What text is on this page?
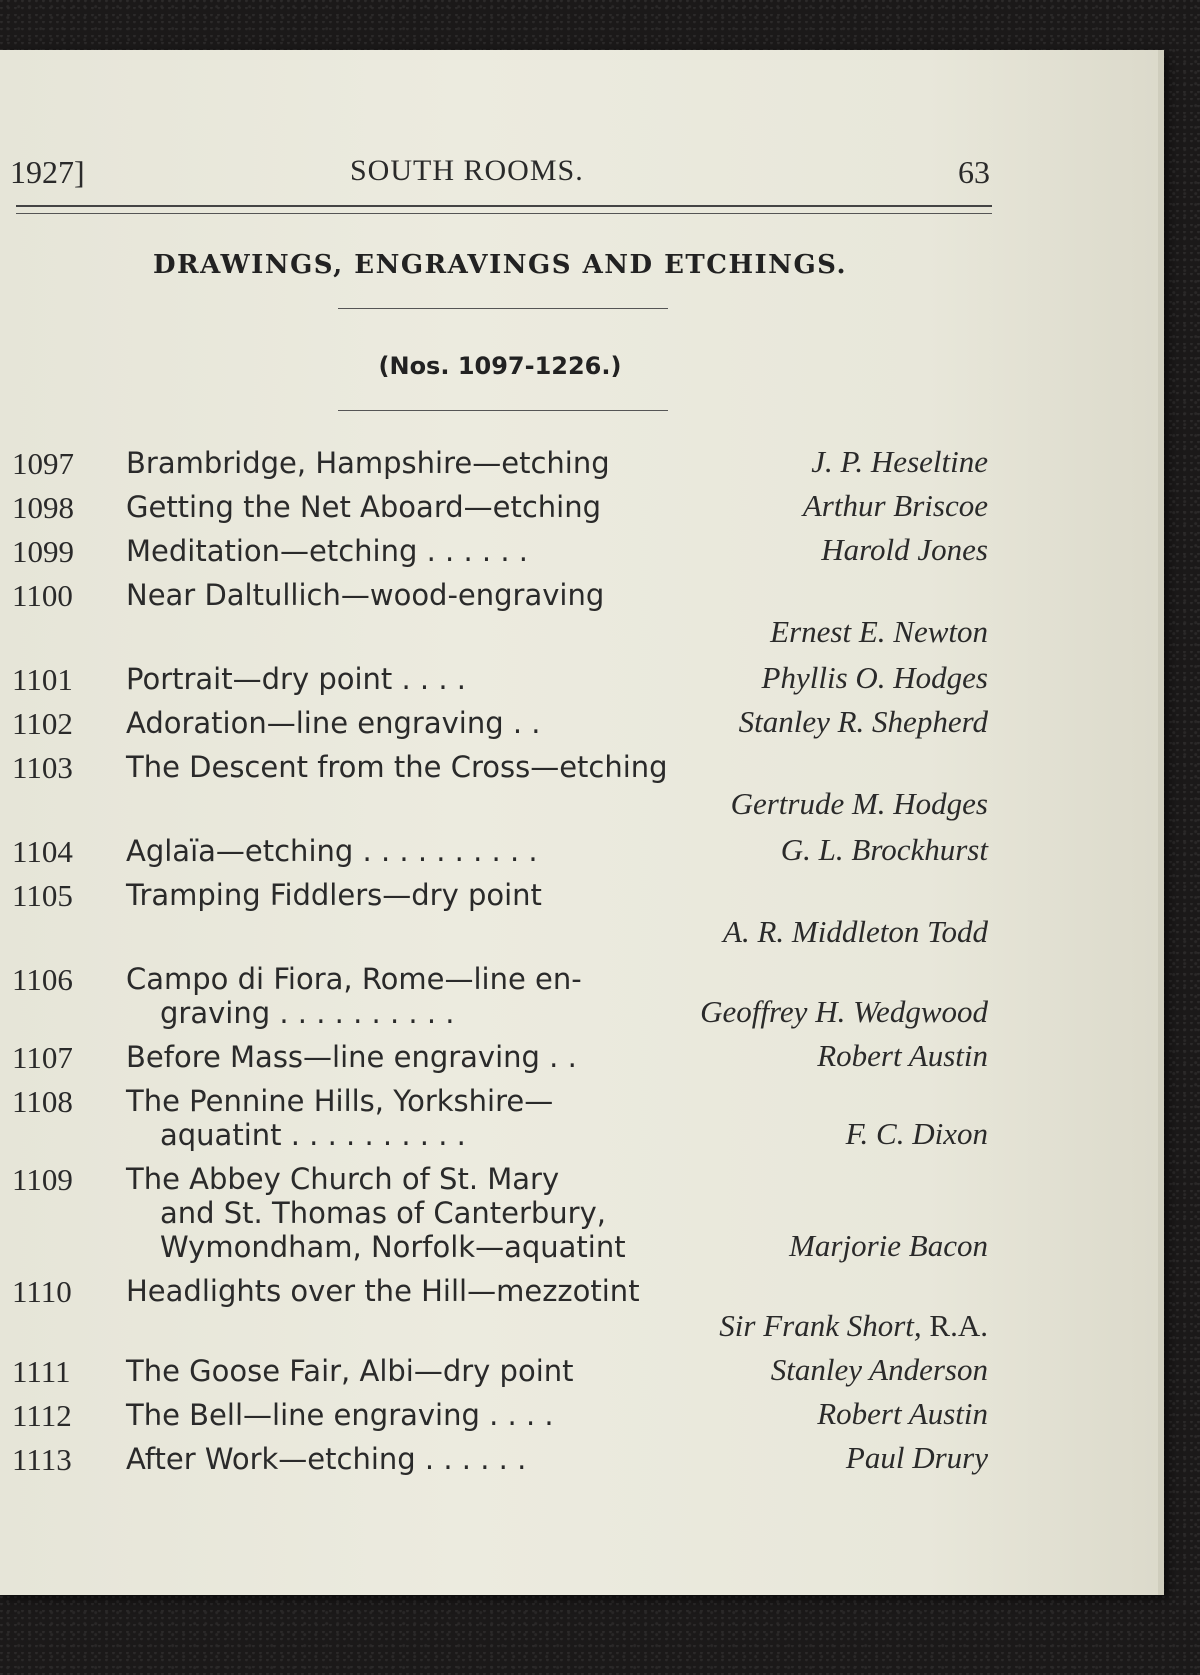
1927]	SOUTH ROOMS.	63
DRAWINGS, ENGRAVINGS AND ETCHINGS.
(Nos. 1097-1226.)
1097 Brambridge, Hampshire—etching	J. P. Heseltine
1098 Getting the Net Aboard—etching	Arthur Briscoe
1099 Meditation—etching . . . . . .	Harold Jones
1100 Near Daltullich—wood-engraving
Ernest E. Newton
1101 Portrait—dry point . . . .	Phyllis O. Hodges
1102 Adoration—line engraving . .	Stanley R. Shepherd
1103 The Descent from the Cross—etching
Gertrude M. Hodges
1104 Aglaïa—etching . . . . . . . . . .	G. L. Brockhurst
1105 Tramping Fiddlers—dry point
A. R. Middleton Todd
1106 Campo di Fiora, Rome—line en-
graving . . . . . . . . . .	Geoffrey H. Wedgwood
1107 Before Mass—line engraving . .	Robert Austin
1108 The Pennine Hills, Yorkshire—
aquatint . . . . . . . . . .	F. C. Dixon
1109 The Abbey Church of St. Mary
and St. Thomas of Canterbury,
Wymondham, Norfolk—aquatint	Marjorie Bacon
1110 Headlights over the Hill—mezzotint
Sir Frank Short, R.A.
1111 The Goose Fair, Albi—dry point	Stanley Anderson
1112 The Bell—line engraving . . . .	Robert Austin
1113 After Work—etching . . . . . .	Paul Drury
